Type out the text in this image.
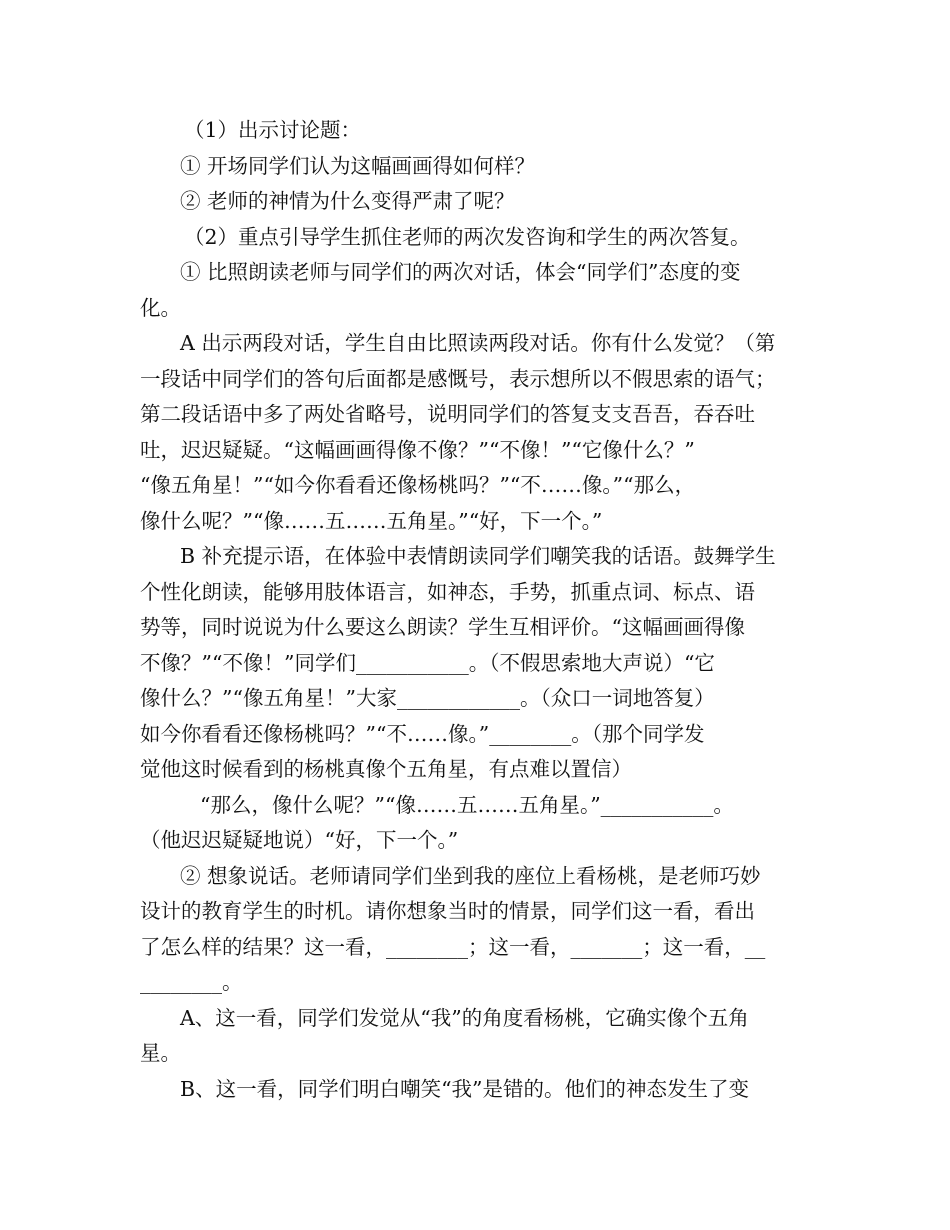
（1）出示讨论题：

① 开场同学们认为这幅画画得如何样？

② 老师的神情为什么变得严肃了呢？

（2）重点引导学生抓住老师的两次发咨询和学生的两次答复。

① 比照朗读老师与同学们的两次对话，体会“同学们”态度的变

化。

A 出示两段对话，学生自由比照读两段对话。你有什么发觉？（第

一段话中同学们的答句后面都是感慨号，表示想所以不假思索的语气；

第二段话语中多了两处省略号，说明同学们的答复支支吾吾，吞吞吐

吐，迟迟疑疑。“这幅画画得像不像？”“不像！”“它像什么？”

“像五角星！”“如今你看看还像杨桃吗？”“不……像。”“那么，

像什么呢？”“像……五……五角星。”“好，下一个。”

B 补充提示语，在体验中表情朗读同学们嘲笑我的话语。鼓舞学生

个性化朗读，能够用肢体语言，如神态，手势，抓重点词、标点、语

势等，同时说说为什么要这么朗读？学生互相评价。“这幅画画得像

不像？”“不像！”同学们___________。（不假思索地大声说）“它

像什么？”“像五角星！”大家____________。（众口一词地答复）

如今你看看还像杨桃吗？”“不……像。”________。（那个同学发

觉他这时候看到的杨桃真像个五角星，有点难以置信）

“那么，像什么呢？”“像……五……五角星。”___________。

（他迟迟疑疑地说）“好，下一个。”

② 想象说话。老师请同学们坐到我的座位上看杨桃，是老师巧妙

设计的教育学生的时机。请你想象当时的情景，同学们这一看，看出

了怎么样的结果？这一看，________；这一看，_______；这一看，__

________。

A、这一看，同学们发觉从“我”的角度看杨桃，它确实像个五角

星。

B、这一看，同学们明白嘲笑“我”是错的。他们的神态发生了变
